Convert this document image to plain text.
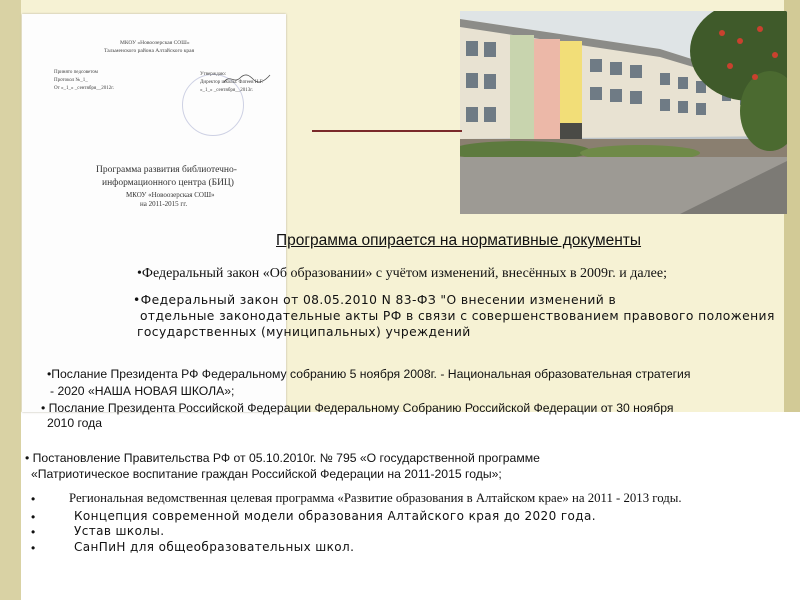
МКОУ «Новоозерская СОШ»
Тальменского района Алтайского края
Принято педсоветом
Протокол №_1_
От «_1_» _сентября__2012г.
Утверждаю:
Директор школы: Фатеев Н.Г.
«_1_» _сентября__2013г.
Программа развития библиотечно-
информационного центра (БИЦ)
МКОУ «Новоозерская СОШ»
на 2011-2015 гг.
Программа опирается на нормативные документы
•Федеральный закон «Об образовании» с учётом изменений, внесённых в 2009г. и далее;
•Федеральный закон от 08.05.2010 N 83-ФЗ "О внесении изменений в
отдельные законодательные акты РФ в связи с совершенствованием правового положения
государственных (муниципальных) учреждений
•Послание Президента РФ Федеральному собранию 5 ноября 2008г. - Национальная образовательная стратегия
- 2020 «НАША НОВАЯ ШКОЛА»;
• Послание Президента Российской Федерации Федеральному Собранию Российской Федерации от 30 ноября
2010 года
• Постановление Правительства РФ от 05.10.2010г. № 795 «О государственной программе
«Патриотическое воспитание граждан Российской Федерации на 2011-2015 годы»;
•	Региональная ведомственная целевая программа «Развитие образования в Алтайском крае» на 2011 - 2013 годы.
•	Концепция современной модели образования Алтайского края до 2020 года.
•	Устав школы.
•	СанПиН для общеобразовательных школ.
